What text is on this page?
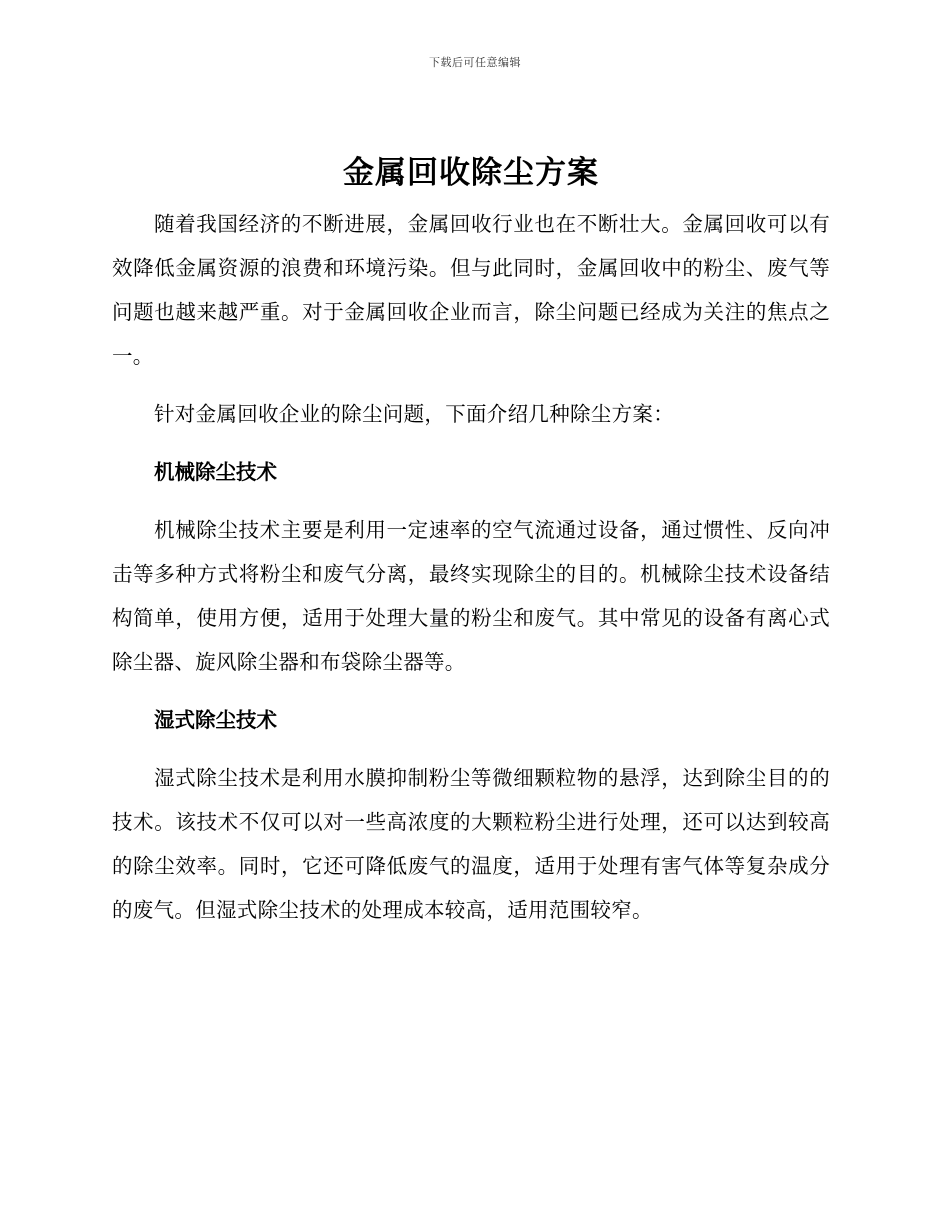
下载后可任意编辑
金属回收除尘方案

随着我国经济的不断进展，金属回收行业也在不断壮大。金属回收可以有效降低金属资源的浪费和环境污染。但与此同时，金属回收中的粉尘、废气等问题也越来越严重。对于金属回收企业而言，除尘问题已经成为关注的焦点之一。

针对金属回收企业的除尘问题，下面介绍几种除尘方案：

机械除尘技术

机械除尘技术主要是利用一定速率的空气流通过设备，通过惯性、反向冲击等多种方式将粉尘和废气分离，最终实现除尘的目的。机械除尘技术设备结构简单，使用方便，适用于处理大量的粉尘和废气。其中常见的设备有离心式除尘器、旋风除尘器和布袋除尘器等。

湿式除尘技术

湿式除尘技术是利用水膜抑制粉尘等微细颗粒物的悬浮，达到除尘目的的技术。该技术不仅可以对一些高浓度的大颗粒粉尘进行处理，还可以达到较高的除尘效率。同时，它还可降低废气的温度，适用于处理有害气体等复杂成分的废气。但湿式除尘技术的处理成本较高，适用范围较窄。
